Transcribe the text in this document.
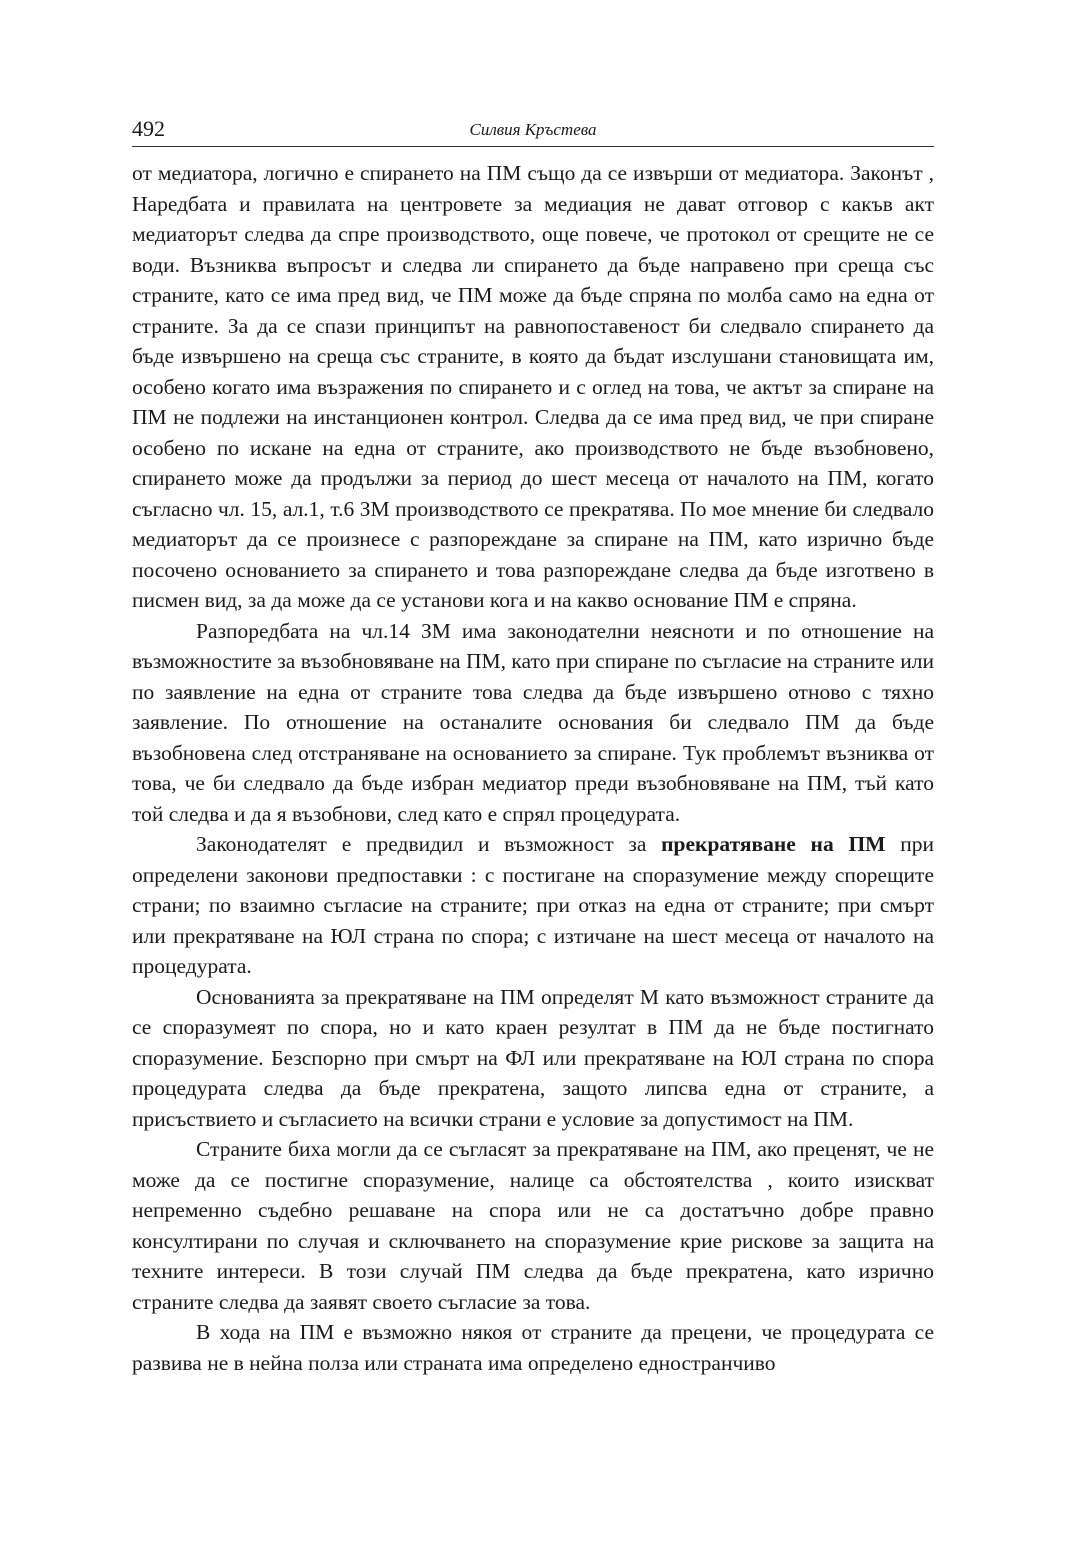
492	Силвия Кръстева

от медиатора, логично е спирането на ПМ също да се извърши от медиатора. Законът , Наредбата и правилата на центровете за медиация не дават отговор с какъв акт медиаторът следва да спре производството, още повече, че протокол от срещите не се води. Възниква въпросът и следва ли спирането да бъде направено при среща със страните, като се има пред вид, че ПМ може да бъде спряна по молба само на една от страните. За да се спази принципът на равнопоставеност би следвало спирането да бъде извършено на среща със страните, в която да бъдат изслушани становищата им, особено когато има възражения по спирането и с оглед на това, че актът за спиране на ПМ не подлежи на инстанционен контрол. Следва да се има пред вид, че при спиране особено по искане на една от страните, ако производството не бъде възобновено, спирането може да продължи за период до шест месеца от началото на ПМ, когато съгласно чл. 15, ал.1, т.6 ЗМ производството се прекратява. По мое мнение би следвало медиаторът да се произнесе с разпореждане за спиране на ПМ, като изрично бъде посочено основанието за спирането и това разпореждане следва да бъде изготвено в писмен вид, за да може да се установи кога и на какво основание ПМ е спряна.

Разпоредбата на чл.14 ЗМ има законодателни неясноти и по отношение на възможностите за възобновяване на ПМ, като при спиране по съгласие на страните или по заявление на една от страните това следва да бъде извършено отново с тяхно заявление. По отношение на останалите основания би следвало ПМ да бъде възобновена след отстраняване на основанието за спиране. Тук проблемът възниква от това, че би следвало да бъде избран медиатор преди възобновяване на ПМ, тъй като той следва и да я възобнови, след като е спрял процедурата.

Законодателят е предвидил и възможност за прекратяване на ПМ при определени законови предпоставки : с постигане на споразумение между спорещите страни; по взаимно съгласие на страните; при отказ на една от страните; при смърт или прекратяване на ЮЛ страна по спора; с изтичане на шест месеца от началото на процедурата.

Основанията за прекратяване на ПМ определят М като възможност страните да се споразумеят по спора, но и като краен резултат в ПМ да не бъде постигнато споразумение. Безспорно при смърт на ФЛ или прекратяване на ЮЛ страна по спора процедурата следва да бъде прекратена, защото липсва една от страните, а присъствието и съгласието на всички страни е условие за допустимост на ПМ.

Страните биха могли да се съгласят за прекратяване на ПМ, ако преценят, че не може да се постигне споразумение, налице са обстоятелства , които изискват непременно съдебно решаване на спора или не са достатъчно добре правно консултирани по случая и сключването на споразумение крие рискове за защита на техните интереси. В този случай ПМ следва да бъде прекратена, като изрично страните следва да заявят своето съгласие за това.

В хода на ПМ е възможно някоя от страните да прецени, че процедурата се развива не в нейна полза или страната има определено едностранчиво
